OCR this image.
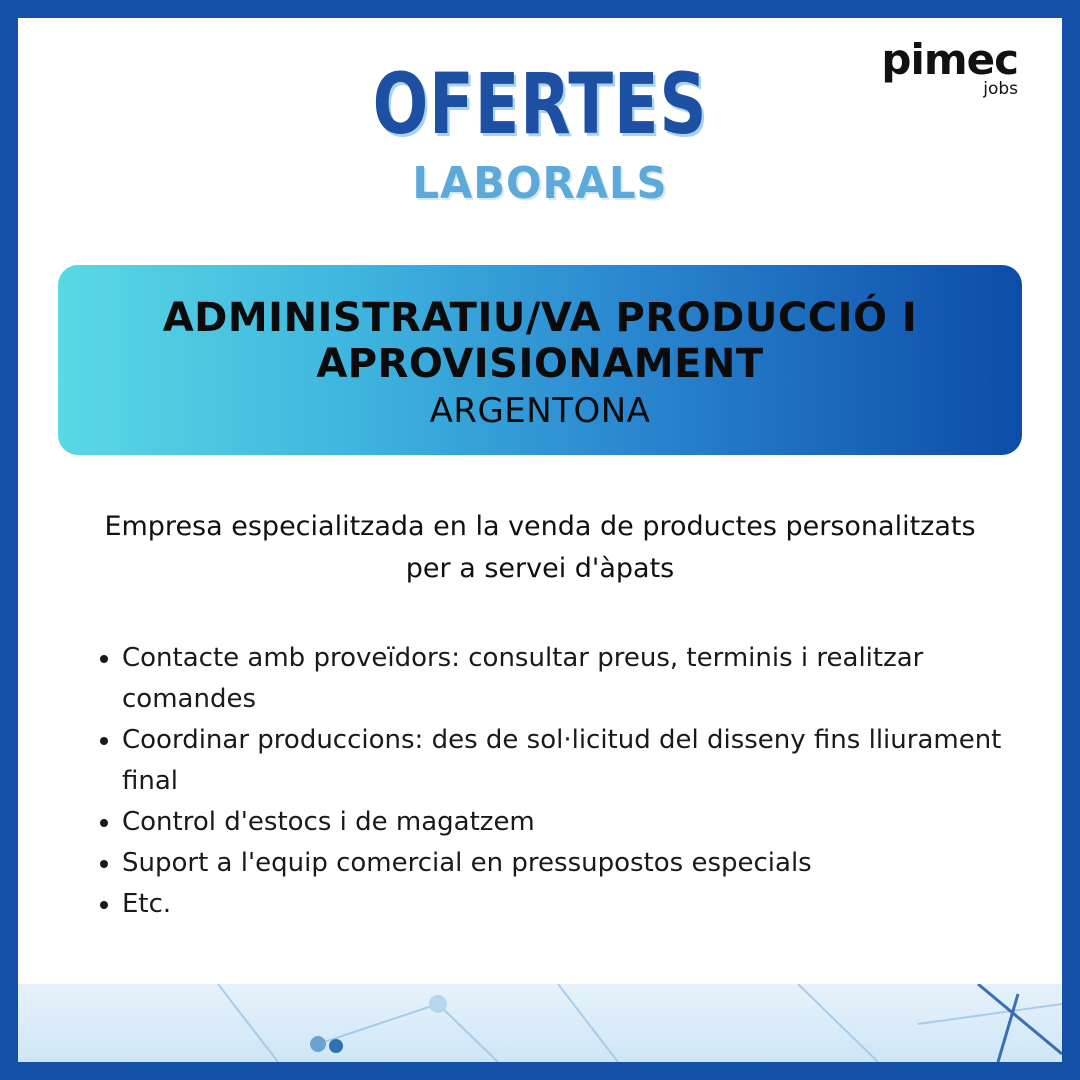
pimec
jobs
OFERTES
LABORALS
ADMINISTRATIU/VA PRODUCCIÓ I APROVISIONAMENT
ARGENTONA
Empresa especialitzada en la venda de productes personalitzats per a servei d'àpats
• Contacte amb proveïdors: consultar preus, terminis i realitzar comandes
• Coordinar produccions: des de sol·licitud del disseny fins lliurament final
• Control d'estocs i de magatzem
• Suport a l'equip comercial en pressupostos especials
• Etc.
